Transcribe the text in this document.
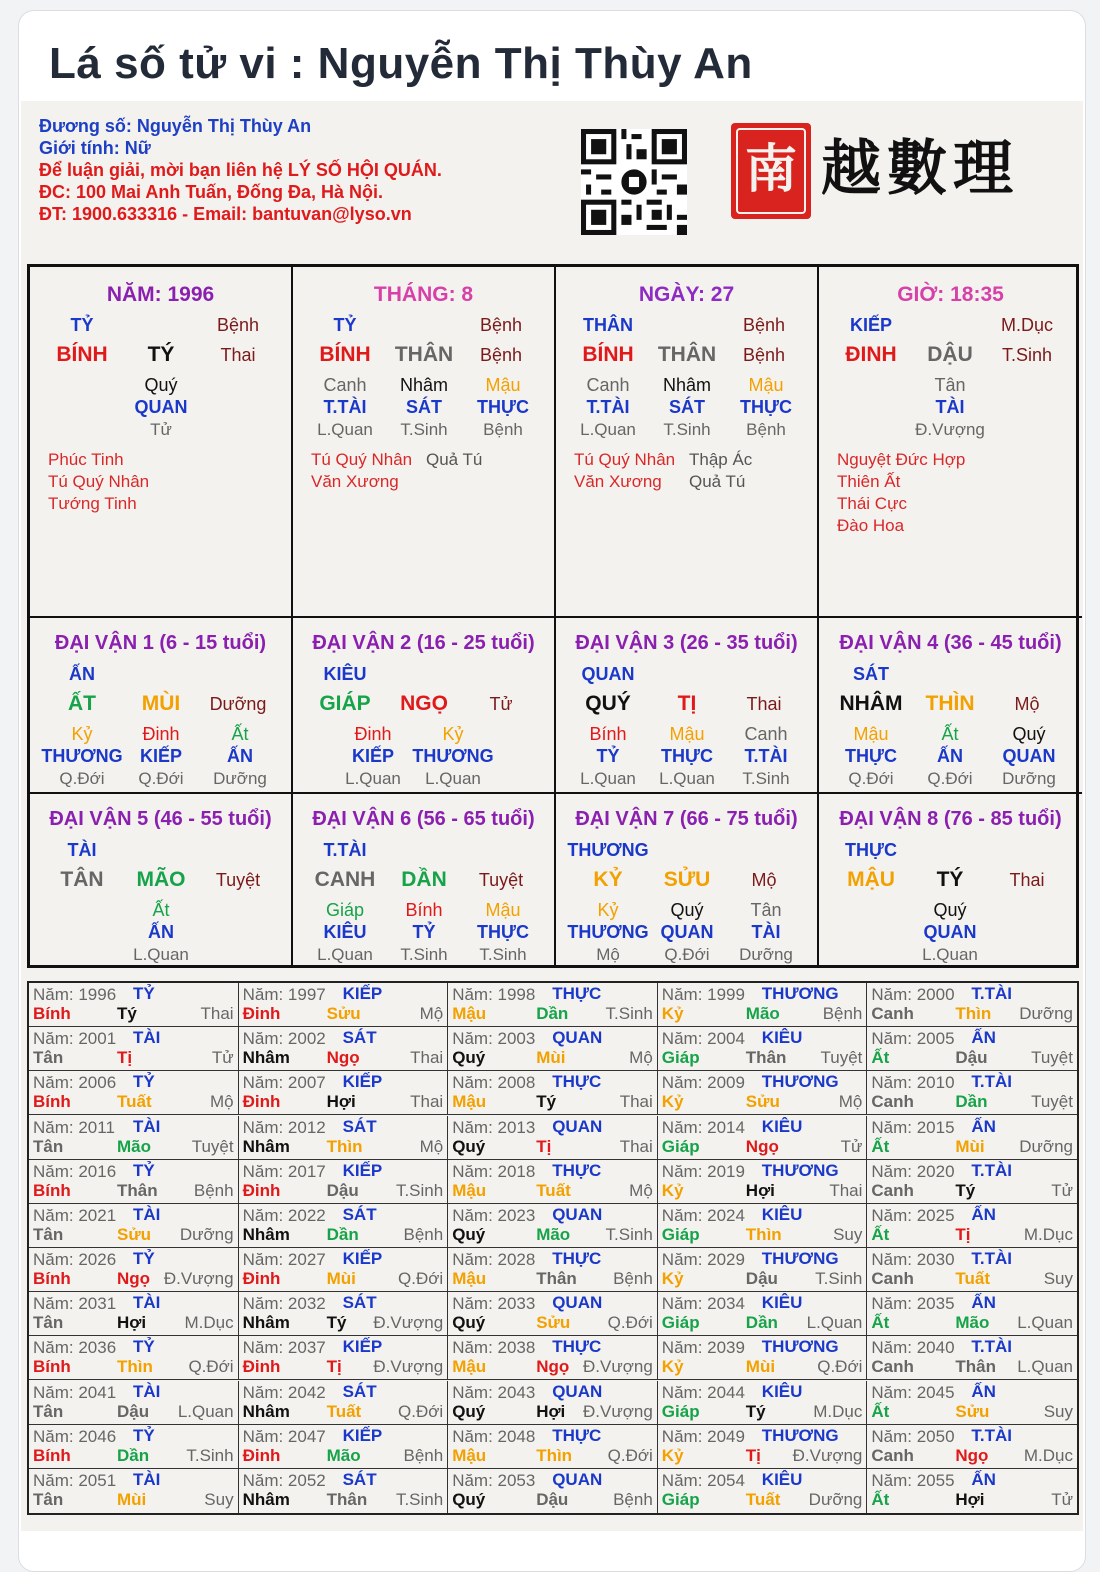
Lá số tử vi : Nguyễn Thị Thùy An
Đương số: Nguyễn Thị Thùy An
Giới tính: Nữ
Để luận giải, mời bạn liên hệ LÝ SỐ HỘI QUÁN.
ĐC: 100 Mai Anh Tuấn, Đống Đa, Hà Nội.
ĐT: 1900.633316 - Email: bantuvan@lyso.vn
南 越數理
NĂM: 1996
TỶ	Bệnh
BÍNH TÝ	Thai
Quý
QUAN
Tử
Phúc Tinh
Tú Quý Nhân
Tướng Tinh
THÁNG: 8
TỶ	Bệnh
BÍNH THÂN Bệnh
Canh
T.TÀI
L.Quan
Nhâm
SÁT
T.Sinh
Mậu
THỰC
Bệnh
Tú Quý Nhân
Văn Xương
Quả Tú
NGÀY: 27
THÂN	Bệnh
BÍNH THÂN Bệnh
Canh
T.TÀI
L.Quan
Nhâm
SÁT
T.Sinh
Mậu
THỰC
Bệnh
Tú Quý Nhân
Văn Xương
Thập Ác
Quả Tú
GIỜ: 18:35
KIẾP	M.Dục
ĐINH DẬU T.Sinh
Tân
TÀI
Đ.Vượng
Nguyệt Đức Hợp
Thiên Ất
Thái Cực
Đào Hoa
ĐẠI VẬN 1 (6 - 15 tuổi)
ẤN
ẤT MÙI Dưỡng
Kỷ
THƯƠNG
Q.Đới
Đinh
KIẾP
Q.Đới
Ất
ẤN
Dưỡng
ĐẠI VẬN 2 (16 - 25 tuổi)
KIÊU
GIÁP NGỌ Tử
Đinh
KIẾP
L.Quan
Kỷ
THƯƠNG
L.Quan
ĐẠI VẬN 3 (26 - 35 tuổi)
QUAN
QUÝ TỊ	Thai
Bính
TỶ
L.Quan
Mậu
THỰC
L.Quan
Canh
T.TÀI
T.Sinh
ĐẠI VẬN 4 (36 - 45 tuổi)
SÁT
NHÂM THÌN Mộ
Mậu
THỰC
Q.Đới
Ất
ẤN
Q.Đới
Quý
QUAN
Dưỡng
ĐẠI VẬN 5 (46 - 55 tuổi)
TÀI
TÂN MÃO Tuyệt
Ất
ẤN
L.Quan
ĐẠI VẬN 6 (56 - 65 tuổi)
T.TÀI
CANH DẦN Tuyệt
Giáp
KIÊU
L.Quan
Bính
TỶ
T.Sinh
Mậu
THỰC
T.Sinh
ĐẠI VẬN 7 (66 - 75 tuổi)
THƯƠNG
KỶ SỬU Mộ
Kỷ
THƯƠNG
Mộ
Quý
QUAN
Q.Đới
Tân
TÀI
Dưỡng
ĐẠI VẬN 8 (76 - 85 tuổi)
THỰC
MẬU TÝ	Thai
Quý
QUAN
L.Quan
Năm: 1996 TỶ
Bính	Tý	Thai
Năm: 1997 KIẾP
Đinh	Sửu	Mộ
Năm: 1998 THỰC
Mậu	Dần T.Sinh
Năm: 1999 THƯƠNG
Kỷ	Mão	Bệnh
Năm: 2000 T.TÀI
Canh Thìn Dưỡng
Năm: 2001 TÀI
Tân	Tị	Tử
Năm: 2002 SÁT
Nhâm Ngọ	Thai
Năm: 2003 QUAN
Quý	Mùi	Mộ
Năm: 2004 KIÊU
Giáp	Thân Tuyệt
Năm: 2005 ẤN
Ất	Dậu	Tuyệt
Năm: 2006 TỶ
Bính	Tuất	Mộ
Năm: 2007 KIẾP
Đinh	Hợi	Thai
Năm: 2008 THỰC
Mậu	Tý	Thai
Năm: 2009 THƯƠNG
Kỷ	Sửu	Mộ
Năm: 2010 T.TÀI
Canh Dần	Tuyệt
Năm: 2011 TÀI
Tân	Mão Tuyệt
Năm: 2012 SÁT
Nhâm Thìn	Mộ
Năm: 2013 QUAN
Quý	Tị	Thai
Năm: 2014 KIÊU
Giáp	Ngọ	Tử
Năm: 2015 ẤN
Ất	Mùi Dưỡng
Năm: 2016 TỶ
Bính	Thân Bệnh
Năm: 2017 KIẾP
Đinh	Dậu T.Sinh
Năm: 2018 THỰC
Mậu	Tuất	Mộ
Năm: 2019 THƯƠNG
Kỷ	Hợi	Thai
Năm: 2020 T.TÀI
Canh Tý	Tử
Năm: 2021 TÀI
Tân	Sửu Dưỡng
Năm: 2022 SÁT
Nhâm Dần	Bệnh
Năm: 2023 QUAN
Quý	Mão T.Sinh
Năm: 2024 KIÊU
Giáp	Thìn	Suy
Năm: 2025 ẤN
Ất	Tị	M.Dục
Năm: 2026 TỶ
Bính	Ngọ Đ.Vượng
Năm: 2027 KIẾP
Đinh	Mùi Q.Đới
Năm: 2028 THỰC
Mậu	Thân Bệnh
Năm: 2029 THƯƠNG
Kỷ	Dậu T.Sinh
Năm: 2030 T.TÀI
Canh Tuất	Suy
Năm: 2031 TÀI
Tân	Hợi M.Dục
Năm: 2032 SÁT
Nhâm Tý Đ.Vượng
Năm: 2033 QUAN
Quý	Sửu Q.Đới
Năm: 2034 KIÊU
Giáp	Dần L.Quan
Năm: 2035 ẤN
Ất	Mão L.Quan
Năm: 2036 TỶ
Bính	Thìn Q.Đới
Năm: 2037 KIẾP
Đinh	Tị Đ.Vượng
Năm: 2038 THỰC
Mậu	Ngọ Đ.Vượng
Năm: 2039 THƯƠNG
Kỷ	Mùi Q.Đới
Năm: 2040 T.TÀI
Canh Thân L.Quan
Năm: 2041 TÀI
Tân	Dậu L.Quan
Năm: 2042 SÁT
Nhâm Tuất Q.Đới
Năm: 2043 QUAN
Quý	Hợi Đ.Vượng
Năm: 2044 KIÊU
Giáp	Tý	M.Dục
Năm: 2045 ẤN
Ất	Sửu	Suy
Năm: 2046 TỶ
Bính	Dần T.Sinh
Năm: 2047 KIẾP
Đinh	Mão	Bệnh
Năm: 2048 THỰC
Mậu	Thìn Q.Đới
Năm: 2049 THƯƠNG
Kỷ	Tị Đ.Vượng
Năm: 2050 T.TÀI
Canh Ngọ M.Dục
Năm: 2051 TÀI
Tân	Mùi	Suy
Năm: 2052 SÁT
Nhâm Thân T.Sinh
Năm: 2053 QUAN
Quý	Dậu	Bệnh
Năm: 2054 KIÊU
Giáp	Tuất Dưỡng
Năm: 2055 ẤN
Ất	Hợi	Tử
